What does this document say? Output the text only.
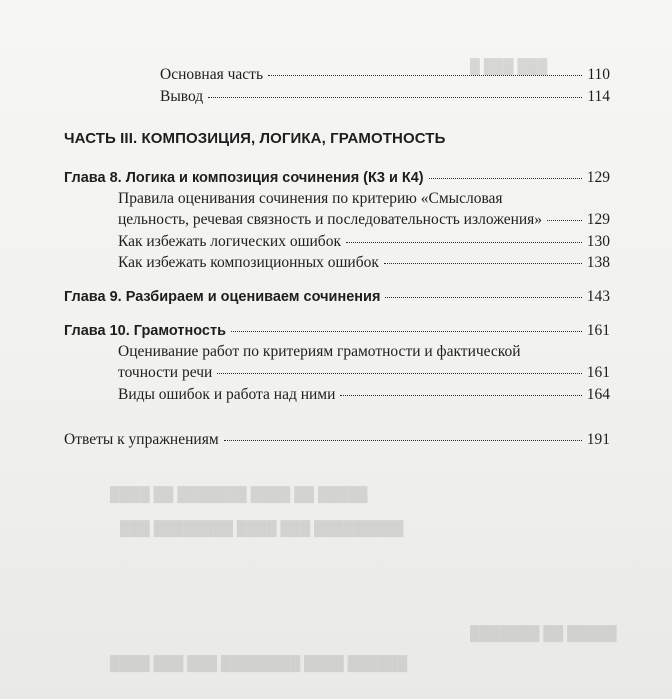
███ ███ █
█████ ██ ████ ███████ ██ ████
█████████ ███ ████ ████████ ███
█████ ██ ███████
██████ ████ ████████ ███ ███ ████
Основная часть	110
Вывод	114
ЧАСТЬ III. КОМПОЗИЦИЯ, ЛОГИКА, ГРАМОТНОСТЬ
Глава 8. Логика и композиция сочинения (К3 и К4)	129
Правила оценивания сочинения по критерию «Смысловая
цельность, речевая связность и последовательность изложения»	129
Как избежать логических ошибок	130
Как избежать композиционных ошибок	138
Глава 9. Разбираем и оцениваем сочинения	143
Глава 10. Грамотность	161
Оценивание работ по критериям грамотности и фактической
точности речи	161
Виды ошибок и работа над ними	164
Ответы к упражнениям	191
